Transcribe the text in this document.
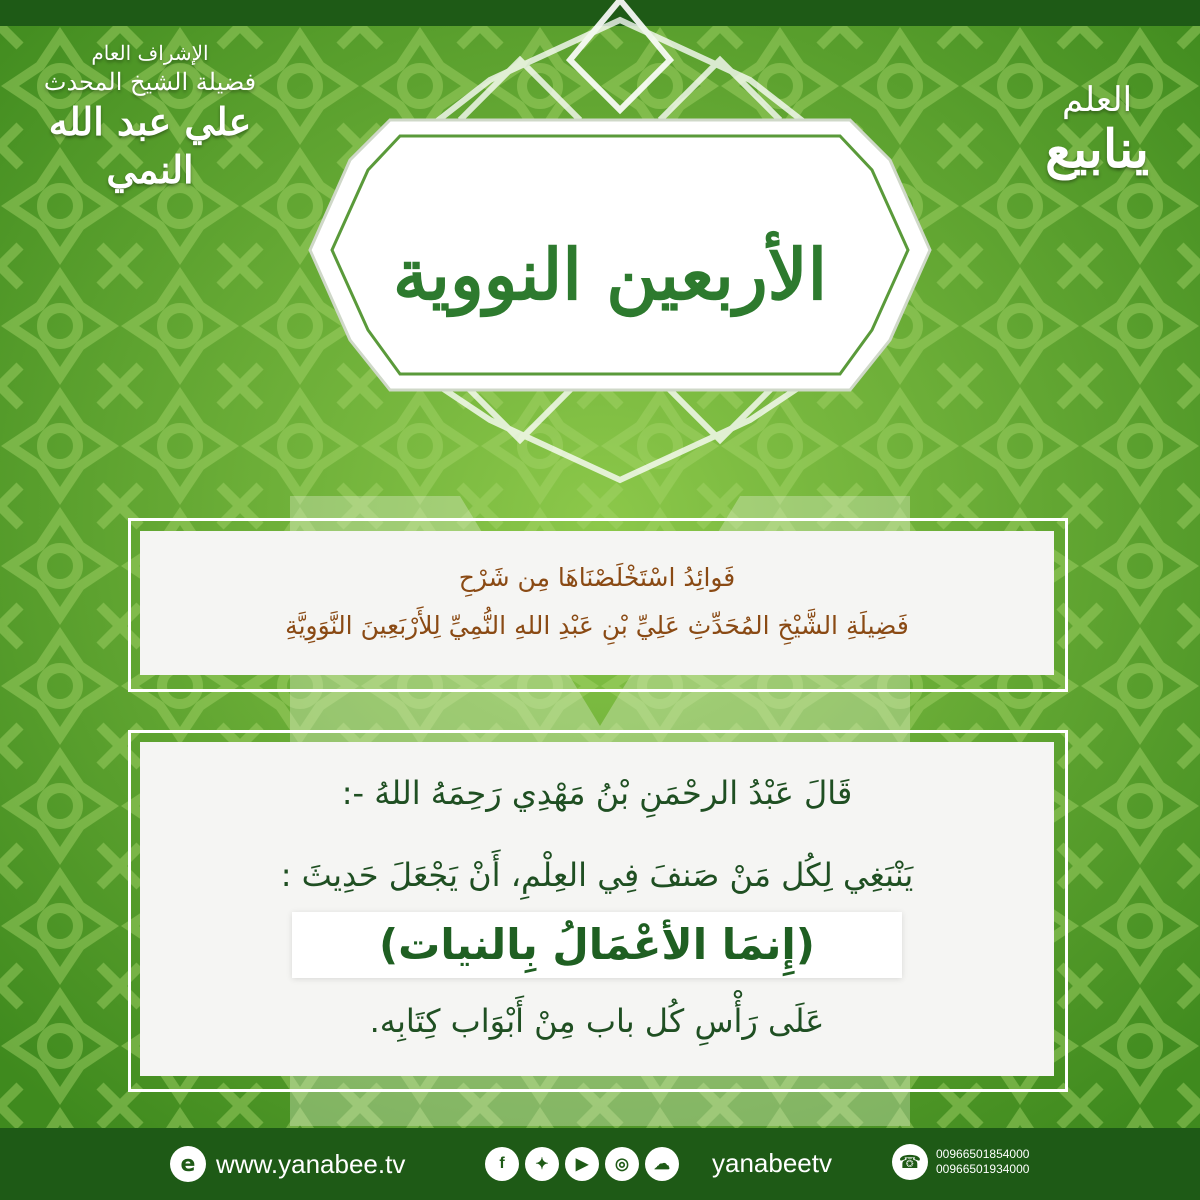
الإشراف العام
فضيلة الشيخ المحدث
علي عبد الله النمي
العلم
ينابيع
الأربعين النووية
فَوائِدُ اسْتَخْلَصْنَاهَا مِن شَرْحِ
فَضِيلَةِ الشَّيْخِ المُحَدِّثِ عَلِيِّ بْنِ عَبْدِ اللهِ النُّمِيِّ لِلأَرْبَعِينَ النَّوَوِيَّةِ
قَالَ عَبْدُ الرحْمَنِ بْنُ مَهْدِي رَحِمَهُ اللهُ -:
يَنْبَغِي لِكُل مَنْ صَنفَ فِي العِلْمِ، أَنْ يَجْعَلَ حَدِيثَ :
(إِنمَا الأعْمَالُ بِالنيات)
عَلَى رَأْسِ كُل باب مِنْ أَبْوَاب كِتَابِه.
e www.yanabee.tv	f	✦	▶	◎	☁	yanabeetv	☎	00966501854000
00966501934000
